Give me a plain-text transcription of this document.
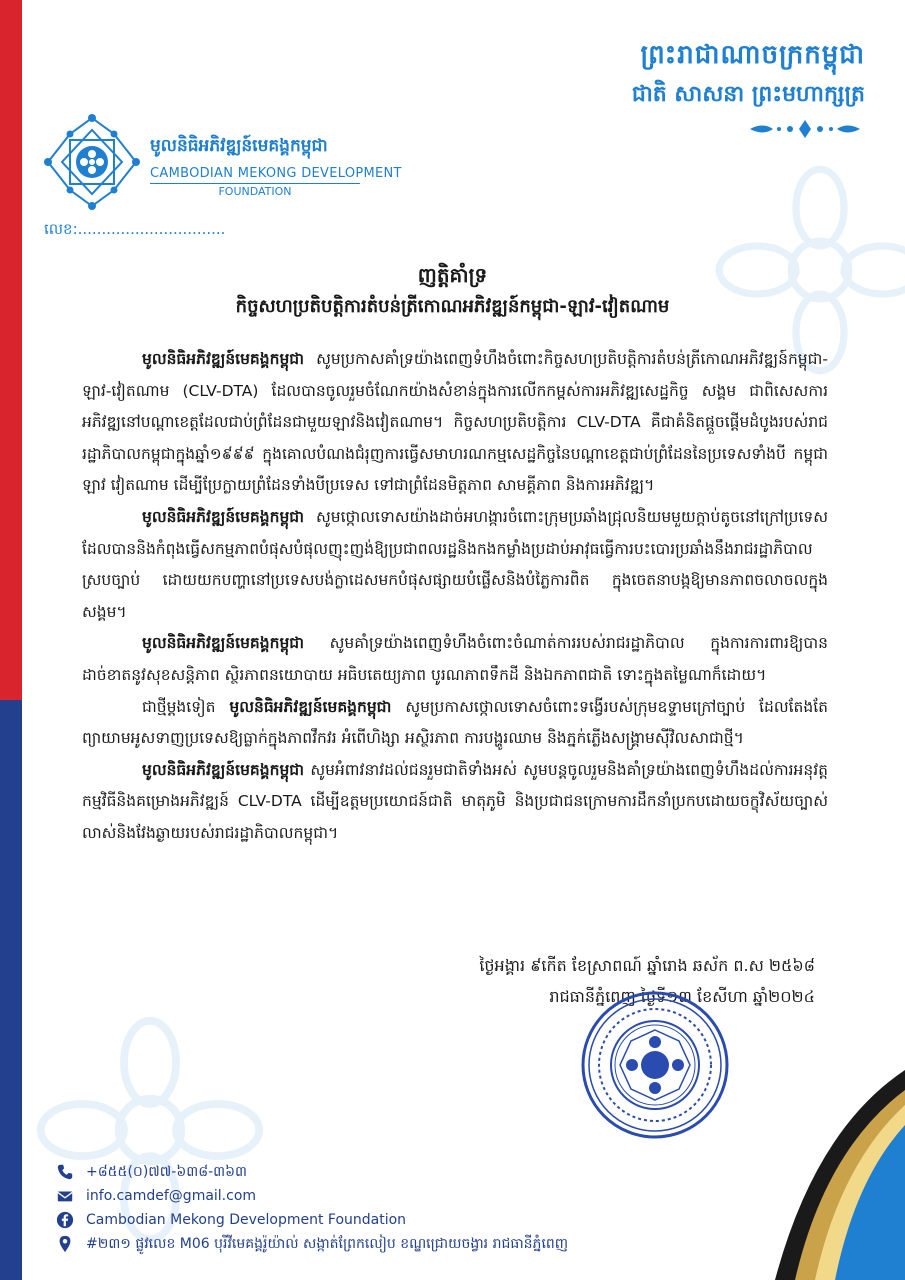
ព្រះរាជាណាចក្រកម្ពុជា
ជាតិ សាសនា ព្រះមហាក្សត្រ
មូលនិធិអភិវឌ្ឍន៍មេគង្គកម្ពុជា
CAMBODIAN MEKONG DEVELOPMENT
FOUNDATION
លេខ:...............................
ញត្តិគាំទ្រ
កិច្ចសហប្រតិបត្តិការតំបន់ត្រីកោណអភិវឌ្ឍន៍កម្ពុជា-ឡាវ-វៀតណាម

មូលនិធិអភិវឌ្ឍន៍មេគង្គកម្ពុជា សូមប្រកាសគាំទ្រយ៉ាងពេញទំហឹងចំពោះកិច្ចសហប្រតិបត្តិការតំបន់ត្រីកោណអភិវឌ្ឍន៍កម្ពុជា-ឡាវ-វៀតណាម (CLV-DTA) ដែលបានចូលរួមចំណែកយ៉ាងសំខាន់ក្នុងការលើកកម្ពស់ការអភិវឌ្ឍសេដ្ឋកិច្ច សង្គម ជាពិសេសការអភិវឌ្ឍនៅបណ្តាខេត្តដែលជាប់ព្រំដែនជាមួយឡាវនិងវៀតណាម។ កិច្ចសហប្រតិបត្តិការ CLV-DTA គឺជាគំនិតផ្តួចផ្តើមដំបូងរបស់រាជរដ្ឋាភិបាលកម្ពុជាក្នុងឆ្នាំ១៩៩៩ ក្នុងគោលបំណងជំរុញការធ្វើសមាហរណកម្មសេដ្ឋកិច្ចនៃបណ្តាខេត្តជាប់ព្រំដែននៃប្រទេសទាំងបី កម្ពុជា ឡាវ វៀតណាម ដើម្បីប្រែក្លាយព្រំដែនទាំងបីប្រទេស ទៅជាព្រំដែនមិត្តភាព សាមគ្គីភាព និងការអភិវឌ្ឍ។

មូលនិធិអភិវឌ្ឍន៍មេគង្គកម្ពុជា សូមថ្កោលទោសយ៉ាងដាច់អហង្ការចំពោះក្រុមប្រឆាំងជ្រុលនិយមមួយក្តាប់តូចនៅក្រៅប្រទេស ដែលបាននិងកំពុងធ្វើសកម្មភាពបំផុសបំផុលញុះញង់ឱ្យប្រជាពលរដ្ឋនិងកងកម្លាំងប្រដាប់អាវុធធ្វើការបះបោរប្រឆាំងនឹងរាជរដ្ឋាភិបាលស្របច្បាប់ ដោយយកបញ្ហានៅប្រទេសបង់ក្លាដេសមកបំផុសផ្សាយបំផ្លើសនិងបំភ្លៃការពិត ក្នុងចេតនាបង្កឱ្យមានភាពចលាចលក្នុងសង្គម។

មូលនិធិអភិវឌ្ឍន៍មេគង្គកម្ពុជា សូមគាំទ្រយ៉ាងពេញទំហឹងចំពោះចំណាត់ការរបស់រាជរដ្ឋាភិបាល ក្នុងការការពារឱ្យបានដាច់ខាតនូវសុខសន្តិភាព ស្ថិរភាពនយោបាយ អធិបតេយ្យភាព បូរណភាពទឹកដី និងឯកភាពជាតិ ទោះក្នុងតម្លៃណាក៏ដោយ។

ជាថ្មីម្តងទៀត មូលនិធិអភិវឌ្ឍន៍មេគង្គកម្ពុជា សូមប្រកាសថ្កោលទោសចំពោះទង្វើរបស់ក្រុមឧទ្ទាមក្រៅច្បាប់ ដែលតែងតែព្យាយាមអូសទាញប្រទេសឱ្យធ្លាក់ក្នុងភាពវឹកវរ អំពើហិង្សា អស្ថិរភាព ការបង្ហូរឈាម និងភ្នក់ភ្លើងសង្គ្រាមស៊ីវិលសាជាថ្មី។

មូលនិធិអភិវឌ្ឍន៍មេគង្គកម្ពុជា សូមអំពាវនាវដល់ជនរួមជាតិទាំងអស់ សូមបន្តចូលរួមនិងគាំទ្រយ៉ាងពេញទំហឹងដល់ការអនុវត្តកម្មវិធីនិងគម្រោងអភិវឌ្ឍន៍ CLV-DTA ដើម្បីឧត្តមប្រយោជន៍ជាតិ មាតុភូមិ និងប្រជាជនក្រោមការដឹកនាំប្រកបដោយចក្ខុវិស័យច្បាស់លាស់និងវែងឆ្ងាយរបស់រាជរដ្ឋាភិបាលកម្ពុជា។

ថ្ងៃអង្គារ ៩កើត ខែស្រាពណ៍ ឆ្នាំរោង ឆស័ក ព.ស ២៥៦៨
រាជធានីភ្នំពេញ ថ្ងៃទី១៣ ខែសីហា ឆ្នាំ២០២៤
+៨៥៥(០)៧៧-៦៣៨-៣៦៣
info.camdef@gmail.com
Cambodian Mekong Development Foundation
#២៣១ ផ្លូវលេខ M06 បុរីវីមេគង្គរ៉ូយ៉ាល់ សង្កាត់ព្រែកលៀប ខណ្ឌជ្រោយចង្វារ រាជធានីភ្នំពេញ
